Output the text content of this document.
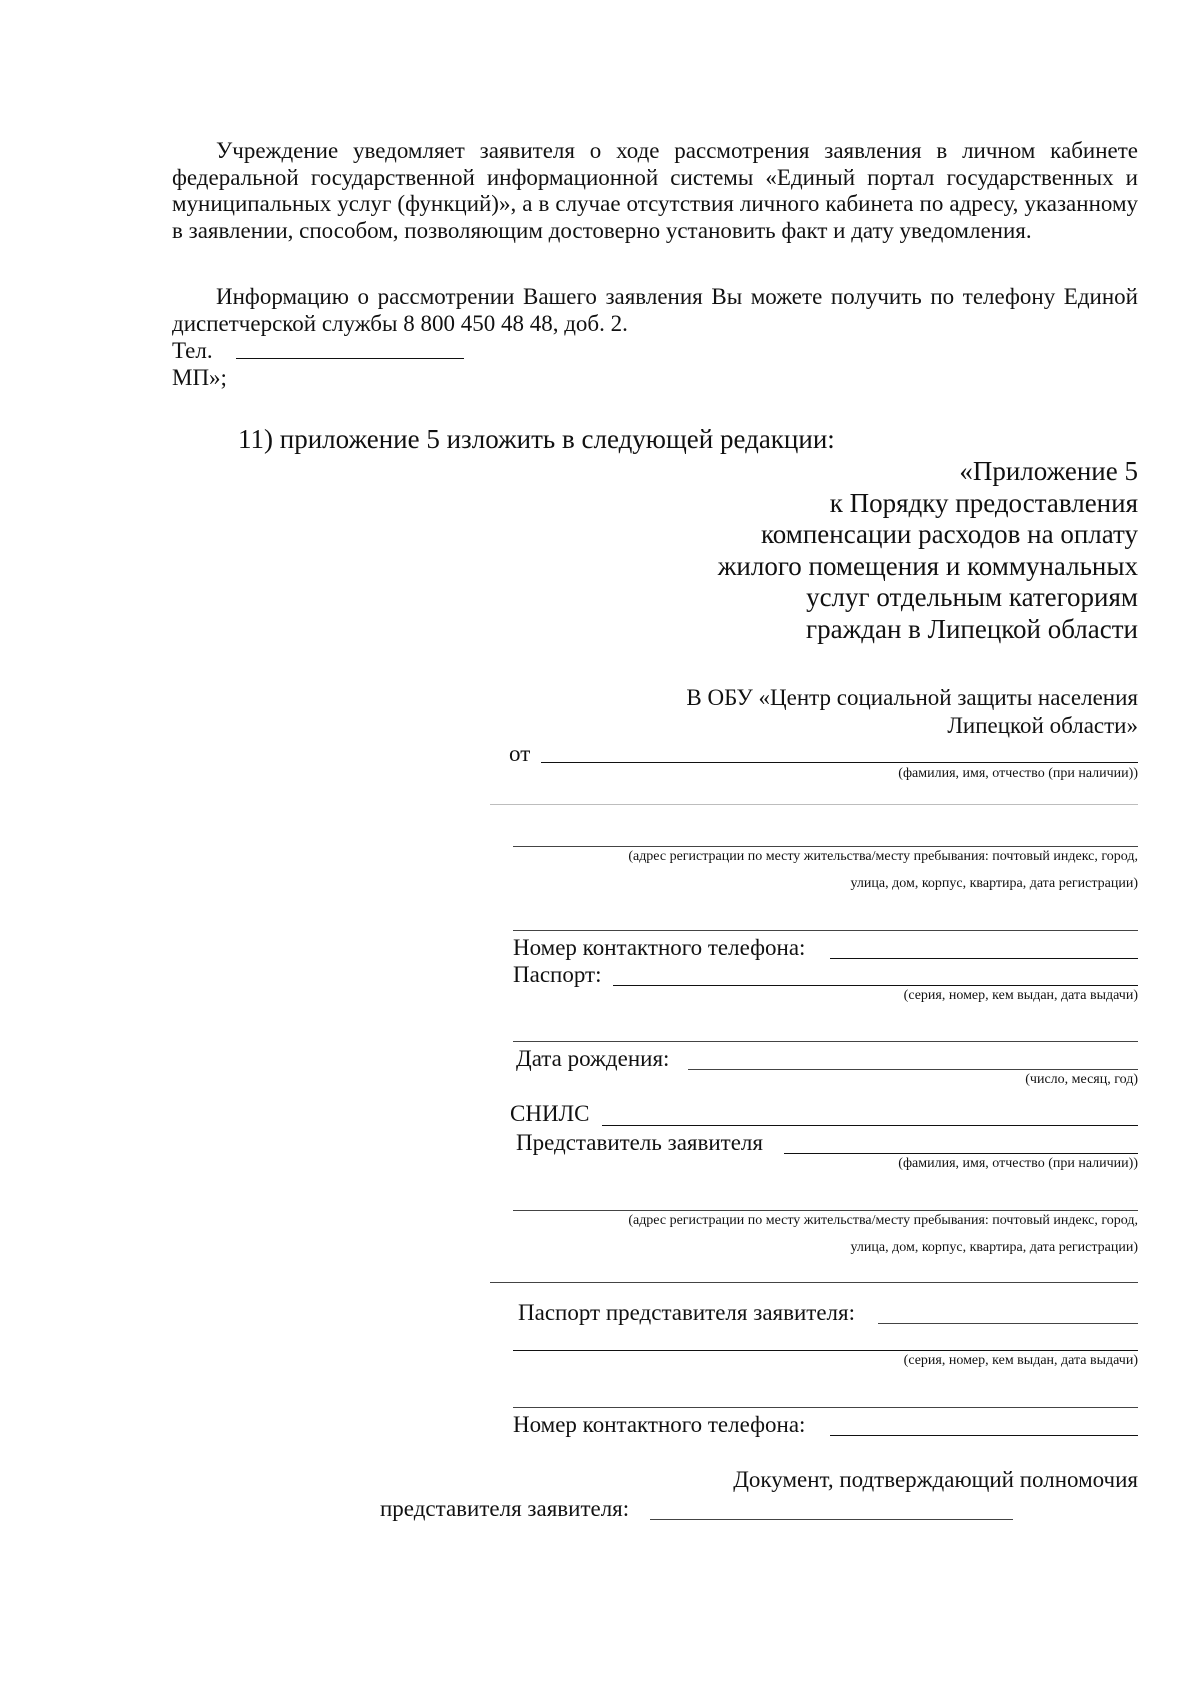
Учреждение уведомляет заявителя о ходе рассмотрения заявления в личном кабинете федеральной государственной информационной системы «Единый портал государственных и муниципальных услуг (функций)», а в случае отсутствия личного кабинета по адресу, указанному в заявлении, способом, позволяющим достоверно установить факт и дату уведомления.
Информацию о рассмотрении Вашего заявления Вы можете получить по телефону Единой диспетчерской службы 8 800 450 48 48, доб. 2.
Тел.
МП»;
11) приложение 5 изложить в следующей редакции:
«Приложение 5
к Порядку предоставления
компенсации расходов на оплату
жилого помещения и коммунальных
услуг отдельным категориям
граждан в Липецкой области
В ОБУ «Центр социальной защиты населения
Липецкой области»
от
(фамилия, имя, отчество (при наличии))
(адрес регистрации по месту жительства/месту пребывания: почтовый индекс, город,
улица, дом, корпус, квартира, дата регистрации)
Номер контактного телефона:
Паспорт:
(серия, номер, кем выдан, дата выдачи)
Дата рождения:
(число, месяц, год)
СНИЛС
Представитель заявителя
(фамилия, имя, отчество (при наличии))
(адрес регистрации по месту жительства/месту пребывания: почтовый индекс, город,
улица, дом, корпус, квартира, дата регистрации)
Паспорт представителя заявителя:
(серия, номер, кем выдан, дата выдачи)
Номер контактного телефона:
Документ, подтверждающий полномочия
представителя заявителя:
